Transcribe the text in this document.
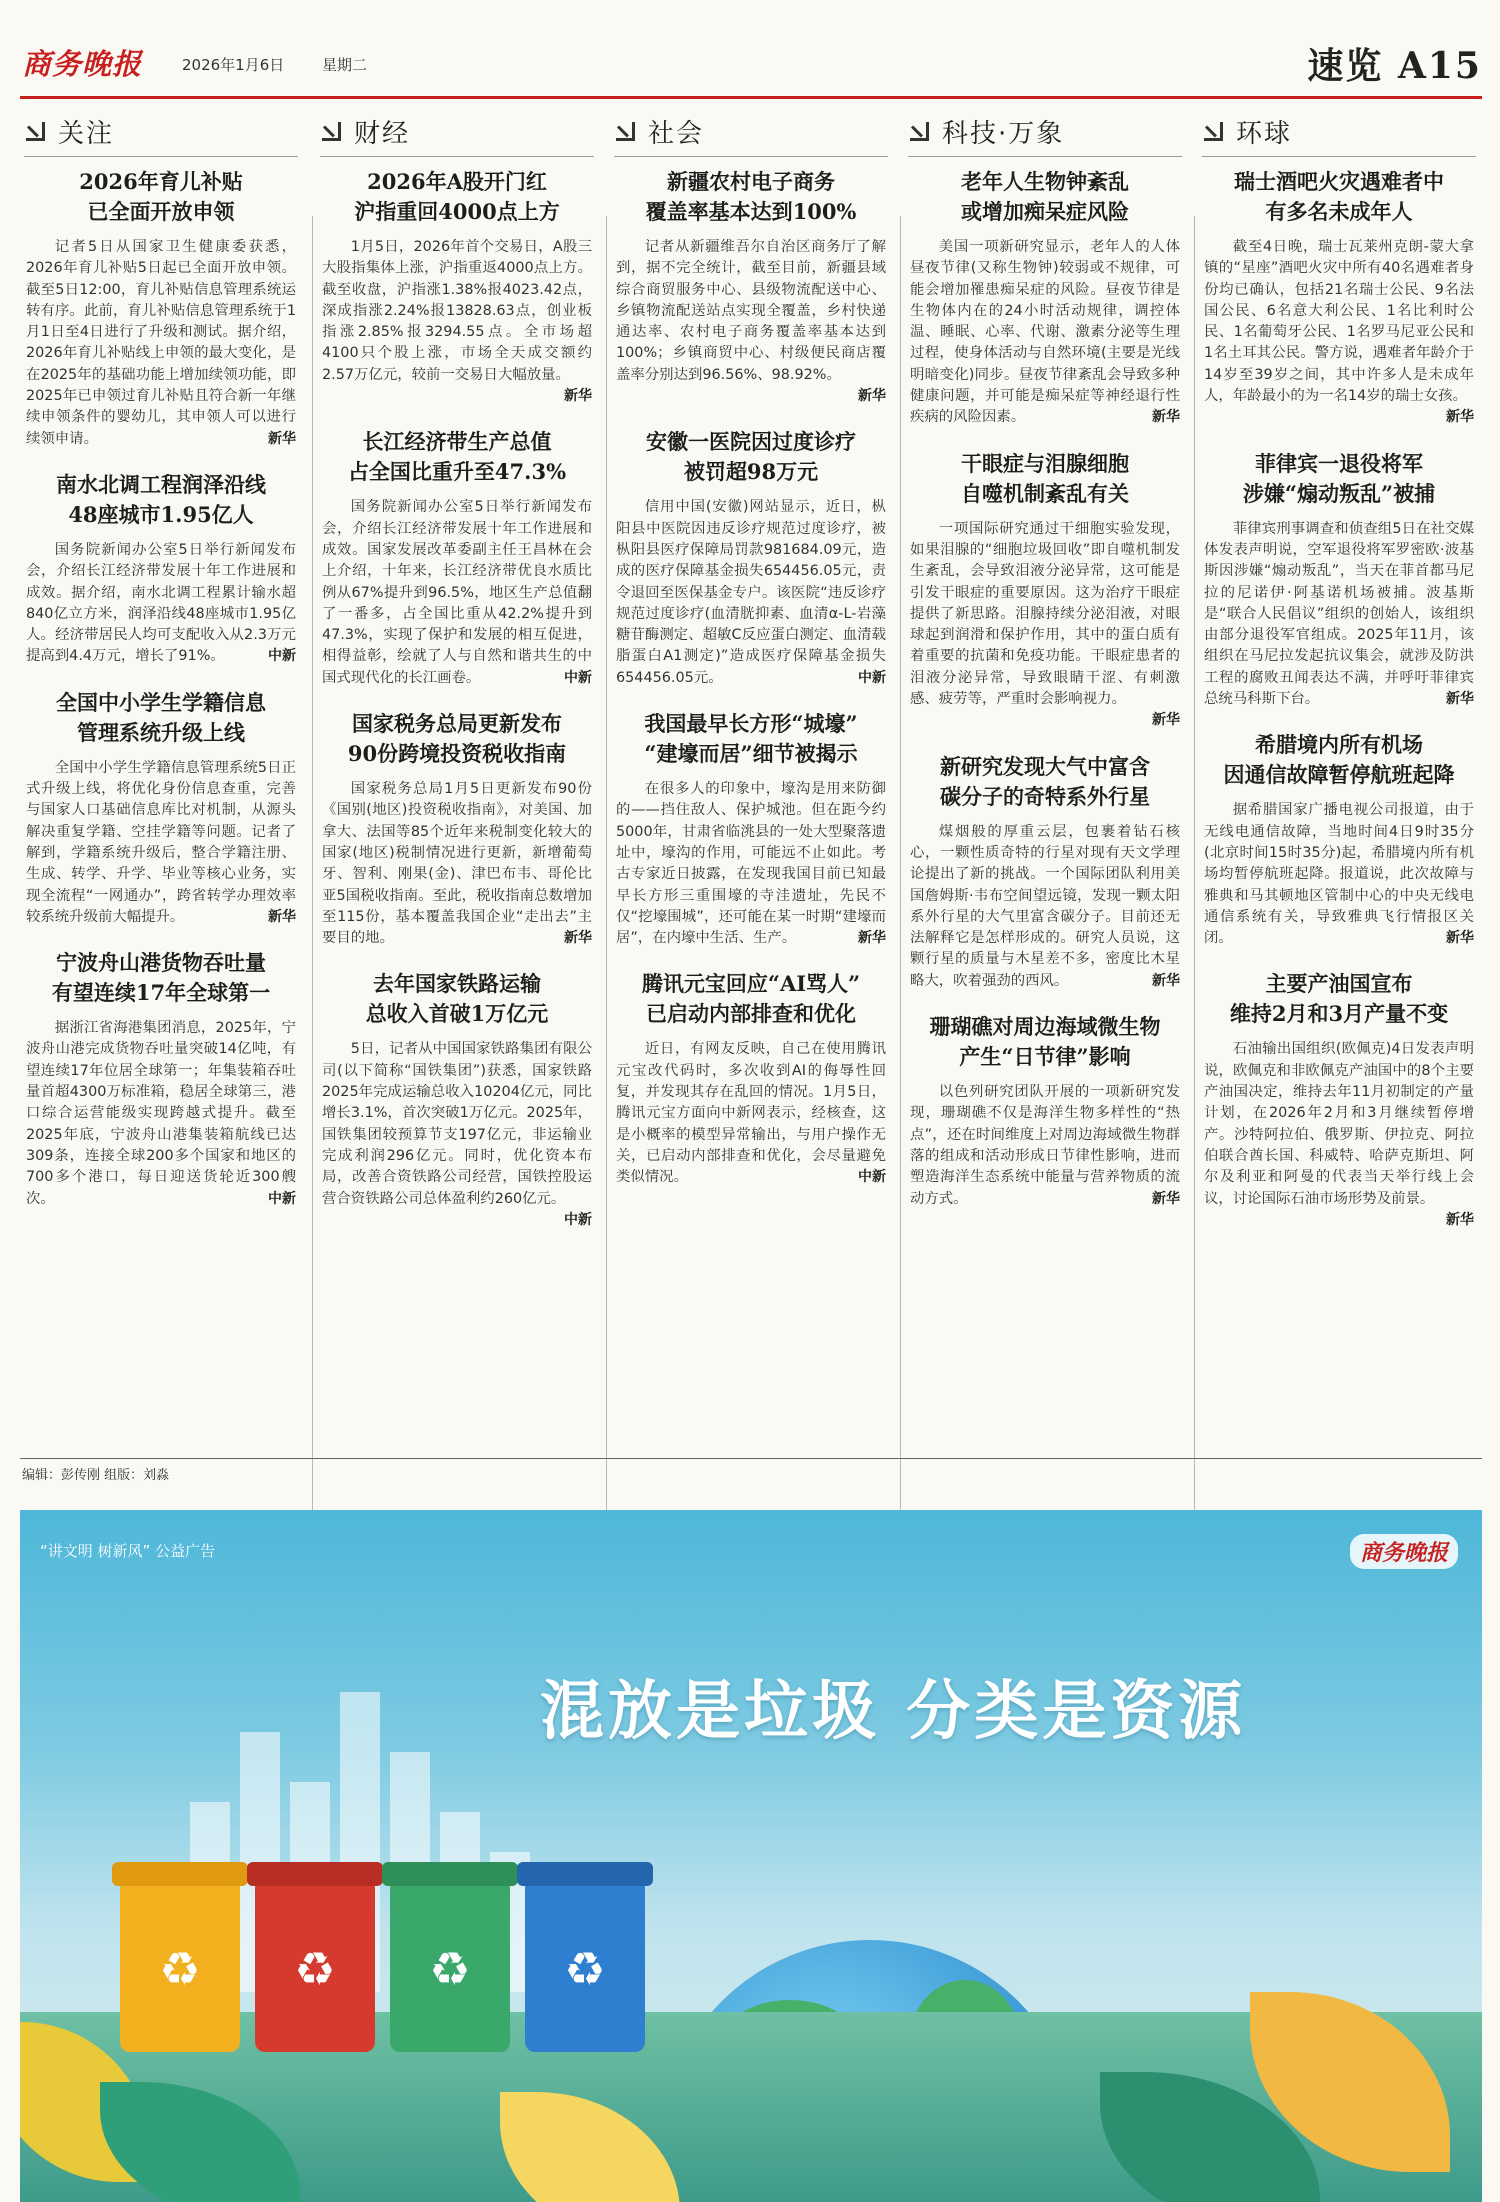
商务晚报	2026年1月6日	星期二	速览 A15
关注
2026年育儿补贴
已全面开放申领
记者5日从国家卫生健康委获悉，2026年育儿补贴5日起已全面开放申领。截至5日12:00，育儿补贴信息管理系统运转有序。此前，育儿补贴信息管理系统于1月1日至4日进行了升级和测试。据介绍，2026年育儿补贴线上申领的最大变化，是在2025年的基础功能上增加续领功能，即2025年已申领过育儿补贴且符合新一年继续申领条件的婴幼儿，其申领人可以进行续领申请。	新华
南水北调工程润泽沿线
48座城市1.95亿人
国务院新闻办公室5日举行新闻发布会，介绍长江经济带发展十年工作进展和成效。据介绍，南水北调工程累计输水超840亿立方米，润泽沿线48座城市1.95亿人。经济带居民人均可支配收入从2.3万元提高到4.4万元，增长了91%。	中新
全国中小学生学籍信息
管理系统升级上线
全国中小学生学籍信息管理系统5日正式升级上线，将优化身份信息查重，完善与国家人口基础信息库比对机制，从源头解决重复学籍、空挂学籍等问题。记者了解到，学籍系统升级后，整合学籍注册、生成、转学、升学、毕业等核心业务，实现全流程“一网通办”，跨省转学办理效率较系统升级前大幅提升。	新华
宁波舟山港货物吞吐量
有望连续17年全球第一
据浙江省海港集团消息，2025年，宁波舟山港完成货物吞吐量突破14亿吨，有望连续17年位居全球第一；年集装箱吞吐量首超4300万标准箱，稳居全球第三，港口综合运营能级实现跨越式提升。截至2025年底，宁波舟山港集装箱航线已达309条，连接全球200多个国家和地区的700多个港口，每日迎送货轮近300艘次。	中新
财经
2026年A股开门红
沪指重回4000点上方
1月5日，2026年首个交易日，A股三大股指集体上涨，沪指重返4000点上方。截至收盘，沪指涨1.38%报4023.42点，深成指涨2.24%报13828.63点，创业板指涨2.85%报3294.55点。全市场超4100只个股上涨，市场全天成交额约2.57万亿元，较前一交易日大幅放量。
新华
长江经济带生产总值
占全国比重升至47.3%
国务院新闻办公室5日举行新闻发布会，介绍长江经济带发展十年工作进展和成效。国家发展改革委副主任王昌林在会上介绍，十年来，长江经济带优良水质比例从67%提升到96.5%，地区生产总值翻了一番多，占全国比重从42.2%提升到47.3%，实现了保护和发展的相互促进，相得益彰，绘就了人与自然和谐共生的中国式现代化的长江画卷。	中新
国家税务总局更新发布
90份跨境投资税收指南
国家税务总局1月5日更新发布90份《国别(地区)投资税收指南》，对美国、加拿大、法国等85个近年来税制变化较大的国家(地区)税制情况进行更新，新增葡萄牙、智利、刚果(金)、津巴布韦、哥伦比亚5国税收指南。至此，税收指南总数增加至115份，基本覆盖我国企业“走出去”主要目的地。	新华
去年国家铁路运输
总收入首破1万亿元
5日，记者从中国国家铁路集团有限公司(以下简称“国铁集团”)获悉，国家铁路2025年完成运输总收入10204亿元，同比增长3.1%，首次突破1万亿元。2025年，国铁集团较预算节支197亿元，非运输业完成利润296亿元。同时，优化资本布局，改善合资铁路公司经营，国铁控股运营合资铁路公司总体盈利约260亿元。
中新
社会
新疆农村电子商务
覆盖率基本达到100%
记者从新疆维吾尔自治区商务厅了解到，据不完全统计，截至目前，新疆县域综合商贸服务中心、县级物流配送中心、乡镇物流配送站点实现全覆盖，乡村快递通达率、农村电子商务覆盖率基本达到100%；乡镇商贸中心、村级便民商店覆盖率分别达到96.56%、98.92%。
新华
安徽一医院因过度诊疗
被罚超98万元
信用中国(安徽)网站显示，近日，枞阳县中医院因违反诊疗规范过度诊疗，被枞阳县医疗保障局罚款981684.09元，造成的医疗保障基金损失654456.05元，责令退回至医保基金专户。该医院“违反诊疗规范过度诊疗(血清胱抑素、血清α-L-岩藻糖苷酶测定、超敏C反应蛋白测定、血清载脂蛋白A1测定)”造成医疗保障基金损失654456.05元。	中新
我国最早长方形“城壕”
“建壕而居”细节被揭示
在很多人的印象中，壕沟是用来防御的——挡住敌人、保护城池。但在距今约5000年，甘肃省临洮县的一处大型聚落遗址中，壕沟的作用，可能远不止如此。考古专家近日披露，在发现我国目前已知最早长方形三重围壕的寺洼遗址，先民不仅“挖壕围城”，还可能在某一时期“建壕而居”，在内壕中生活、生产。	新华
腾讯元宝回应“AI骂人”
已启动内部排查和优化
近日，有网友反映，自己在使用腾讯元宝改代码时，多次收到AI的侮辱性回复，并发现其存在乱回的情况。1月5日，腾讯元宝方面向中新网表示，经核查，这是小概率的模型异常输出，与用户操作无关，已启动内部排查和优化，会尽量避免类似情况。	中新
科技·万象
老年人生物钟紊乱
或增加痴呆症风险
美国一项新研究显示，老年人的人体昼夜节律(又称生物钟)较弱或不规律，可能会增加罹患痴呆症的风险。昼夜节律是生物体内在的24小时活动规律，调控体温、睡眠、心率、代谢、激素分泌等生理过程，使身体活动与自然环境(主要是光线明暗变化)同步。昼夜节律紊乱会导致多种健康问题，并可能是痴呆症等神经退行性疾病的风险因素。	新华
干眼症与泪腺细胞
自噬机制紊乱有关
一项国际研究通过干细胞实验发现，如果泪腺的“细胞垃圾回收”即自噬机制发生紊乱，会导致泪液分泌异常，这可能是引发干眼症的重要原因。这为治疗干眼症提供了新思路。泪腺持续分泌泪液，对眼球起到润滑和保护作用，其中的蛋白质有着重要的抗菌和免疫功能。干眼症患者的泪液分泌异常，导致眼睛干涩、有刺激感、疲劳等，严重时会影响视力。
新华
新研究发现大气中富含
碳分子的奇特系外行星
煤烟般的厚重云层，包裹着钻石核心，一颗性质奇特的行星对现有天文学理论提出了新的挑战。一个国际团队利用美国詹姆斯·韦布空间望远镜，发现一颗太阳系外行星的大气里富含碳分子。目前还无法解释它是怎样形成的。研究人员说，这颗行星的质量与木星差不多，密度比木星略大，吹着强劲的西风。	新华
珊瑚礁对周边海域微生物
产生“日节律”影响
以色列研究团队开展的一项新研究发现，珊瑚礁不仅是海洋生物多样性的“热点”，还在时间维度上对周边海域微生物群落的组成和活动形成日节律性影响，进而塑造海洋生态系统中能量与营养物质的流动方式。	新华
环球
瑞士酒吧火灾遇难者中
有多名未成年人
截至4日晚，瑞士瓦莱州克朗-蒙大拿镇的“星座”酒吧火灾中所有40名遇难者身份均已确认，包括21名瑞士公民、9名法国公民、6名意大利公民、1名比利时公民、1名葡萄牙公民、1名罗马尼亚公民和1名土耳其公民。警方说，遇难者年龄介于14岁至39岁之间，其中许多人是未成年人，年龄最小的为一名14岁的瑞士女孩。
新华
菲律宾一退役将军
涉嫌“煽动叛乱”被捕
菲律宾刑事调查和侦查组5日在社交媒体发表声明说，空军退役将军罗密欧·波基斯因涉嫌“煽动叛乱”，当天在菲首都马尼拉的尼诺伊·阿基诺机场被捕。波基斯是“联合人民倡议”组织的创始人，该组织由部分退役军官组成。2025年11月，该组织在马尼拉发起抗议集会，就涉及防洪工程的腐败丑闻表达不满，并呼吁菲律宾总统马科斯下台。	新华
希腊境内所有机场
因通信故障暂停航班起降
据希腊国家广播电视公司报道，由于无线电通信故障，当地时间4日9时35分(北京时间15时35分)起，希腊境内所有机场均暂停航班起降。报道说，此次故障与雅典和马其顿地区管制中心的中央无线电通信系统有关，导致雅典飞行情报区关闭。	新华
主要产油国宣布
维持2月和3月产量不变
石油输出国组织(欧佩克)4日发表声明说，欧佩克和非欧佩克产油国中的8个主要产油国决定，维持去年11月初制定的产量计划，在2026年2月和3月继续暂停增产。沙特阿拉伯、俄罗斯、伊拉克、阿拉伯联合酋长国、科威特、哈萨克斯坦、阿尔及利亚和阿曼的代表当天举行线上会议，讨论国际石油市场形势及前景。
新华
编辑：彭传刚 组版：刘淼
“讲文明 树新风” 公益广告	商务晚报
混放是垃圾 分类是资源
♻	♻	♻	♻
